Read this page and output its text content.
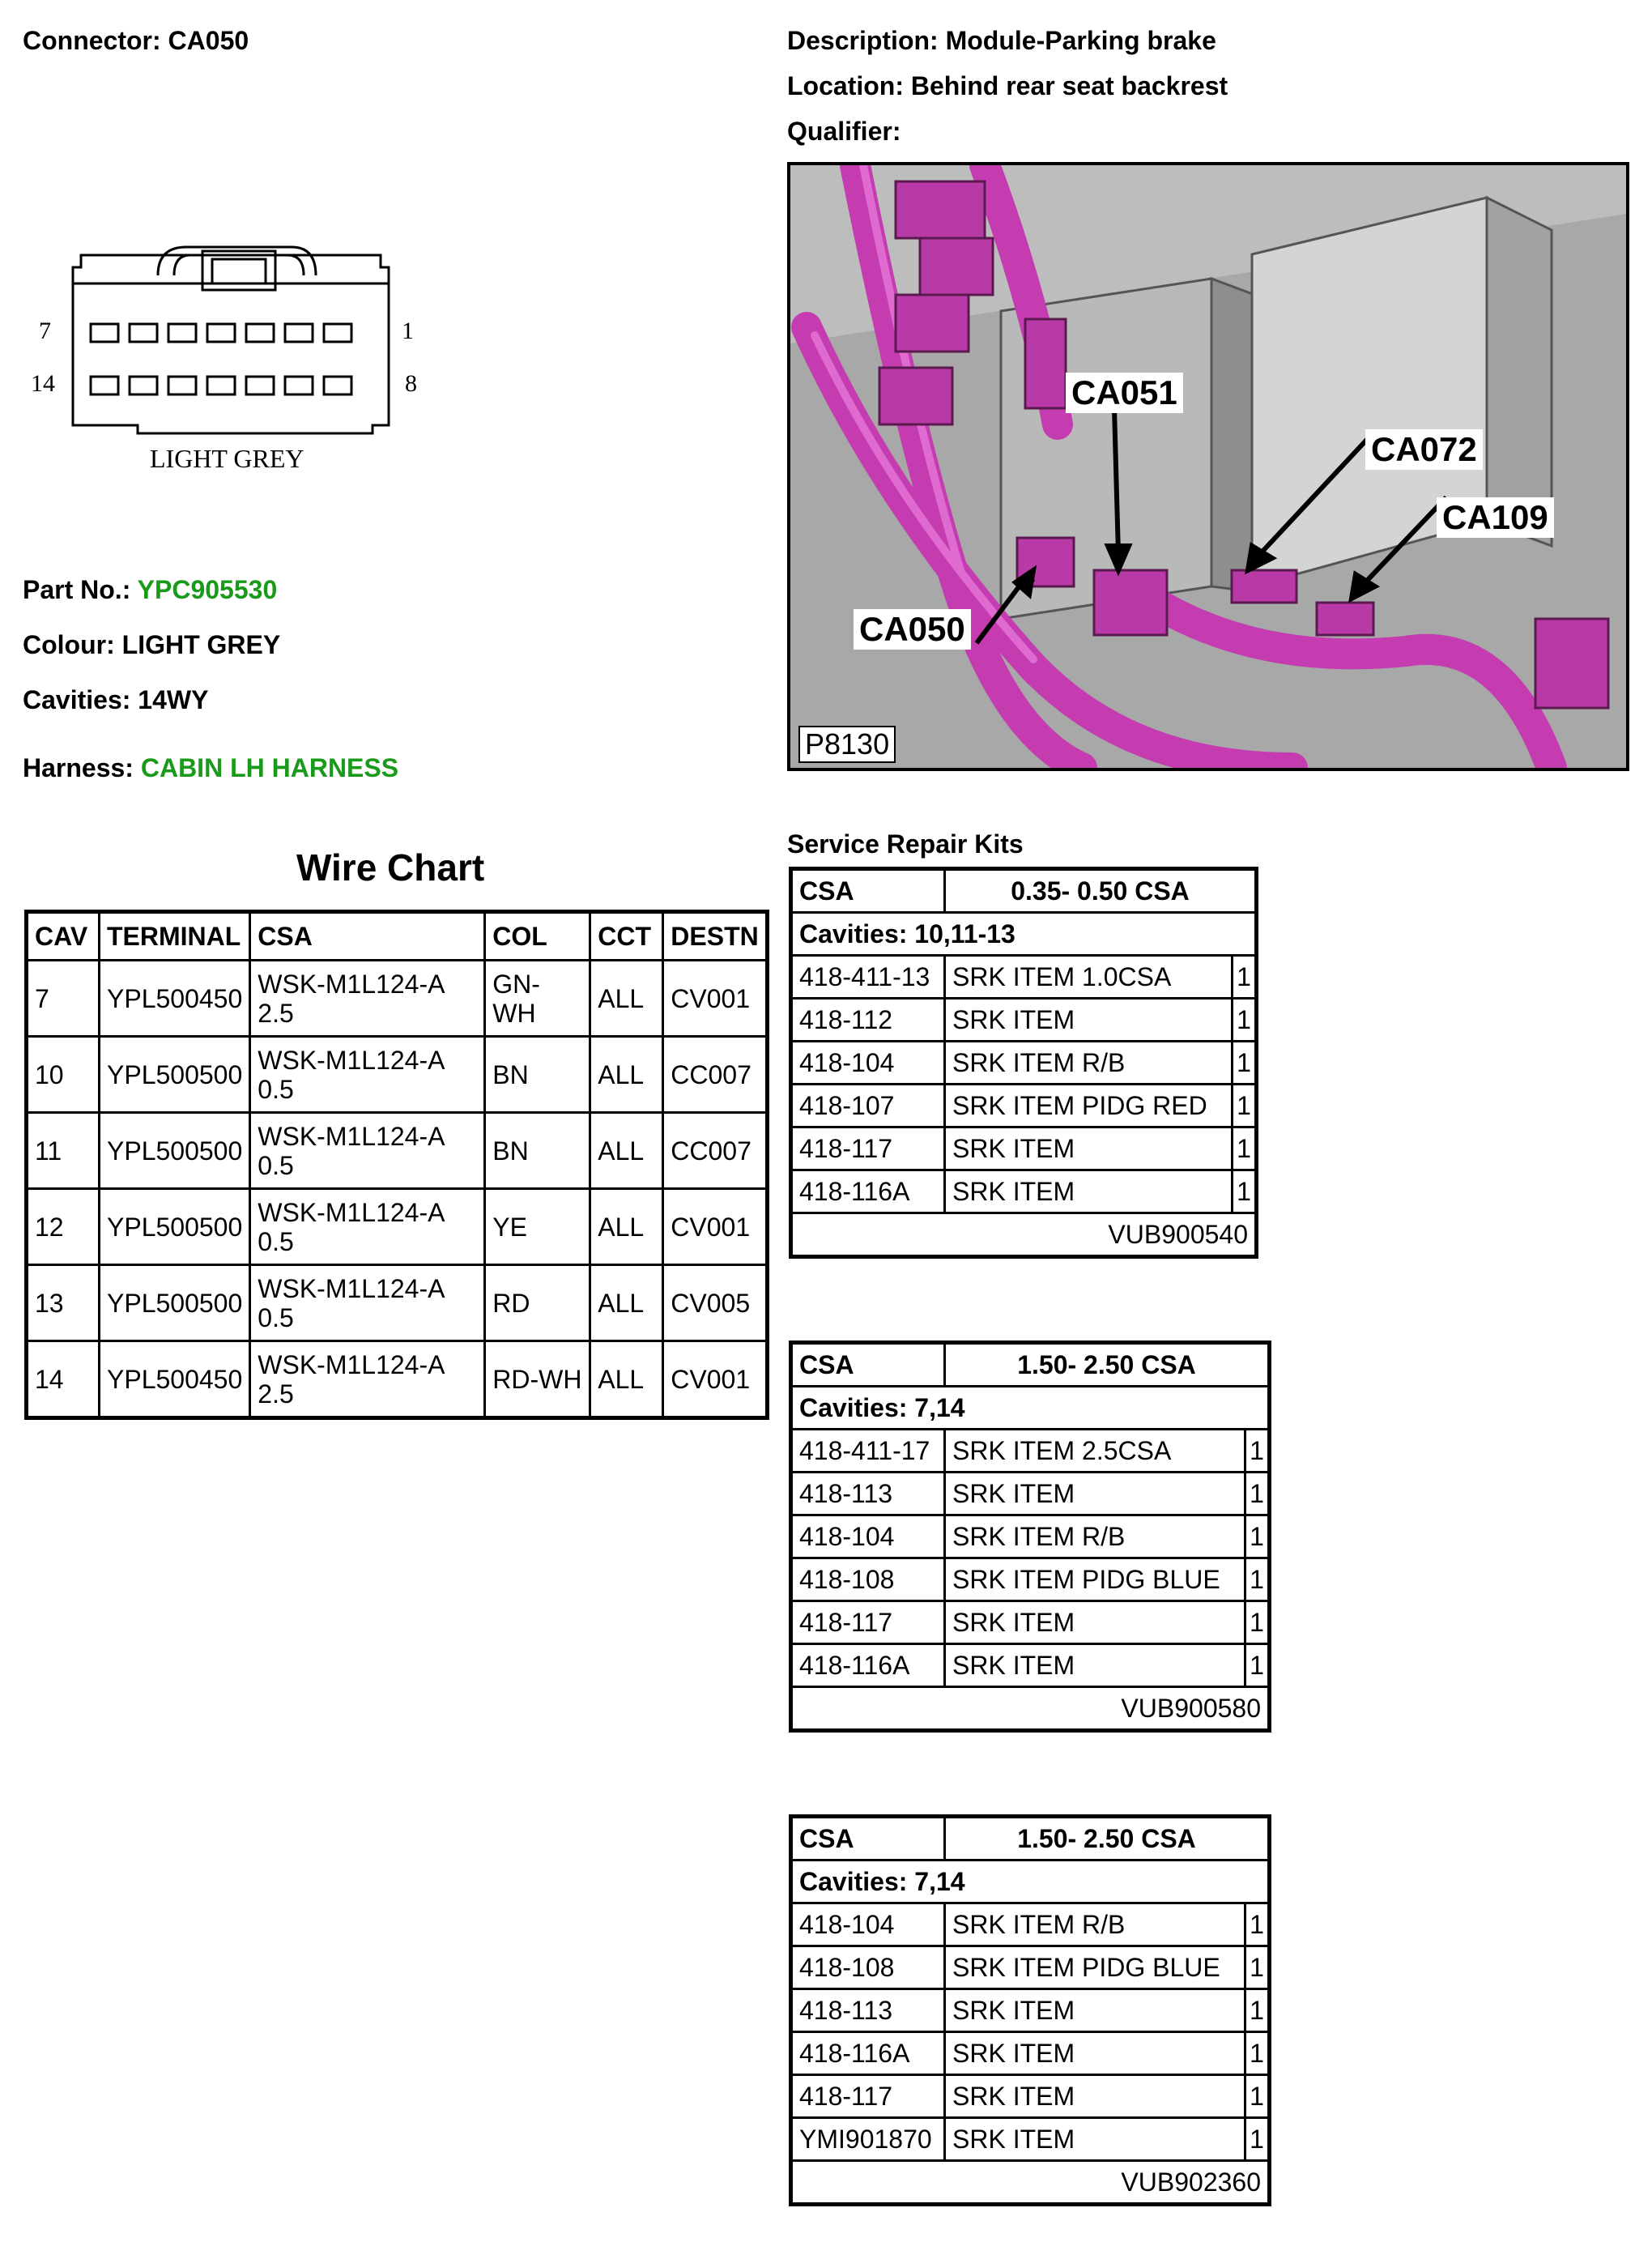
Connector: CA050	Description: Module-Parking brake
Location: Behind rear seat backrest
Qualifier:
7	1
14	8
LIGHT GREY
Part No.: YPC905530
Colour: LIGHT GREY
Cavities: 14WY
Harness: CABIN LH HARNESS
CA051
CA072
CA109
CA050
P8130
Wire Chart
CAV	TERMINAL	CSA	COL	CCT	DESTN
7	YPL500450	WSK-M1L124-A 2.5	GN-WH	ALL	CV001
10	YPL500500	WSK-M1L124-A 0.5	BN	ALL	CC007
11	YPL500500	WSK-M1L124-A 0.5	BN	ALL	CC007
12	YPL500500	WSK-M1L124-A 0.5	YE	ALL	CV001
13	YPL500500	WSK-M1L124-A 0.5	RD	ALL	CV005
14	YPL500450	WSK-M1L124-A 2.5	RD-WH	ALL	CV001
Service Repair Kits
CSA	0.35- 0.50 CSA	
Cavities: 10,11-13		
418-411-13	SRK ITEM 1.0CSA	1
418-112	SRK ITEM	1
418-104	SRK ITEM R/B	1
418-107	SRK ITEM PIDG RED	1
418-117	SRK ITEM	1
418-116A	SRK ITEM	1
VUB900540		
CSA	1.50- 2.50 CSA	
Cavities: 7,14		
418-411-17	SRK ITEM 2.5CSA	1
418-113	SRK ITEM	1
418-104	SRK ITEM R/B	1
418-108	SRK ITEM PIDG BLUE	1
418-117	SRK ITEM	1
418-116A	SRK ITEM	1
VUB900580		
CSA	1.50- 2.50 CSA	
Cavities: 7,14		
418-104	SRK ITEM R/B	1
418-108	SRK ITEM PIDG BLUE	1
418-113	SRK ITEM	1
418-116A	SRK ITEM	1
418-117	SRK ITEM	1
YMI901870	SRK ITEM	1
VUB902360		
